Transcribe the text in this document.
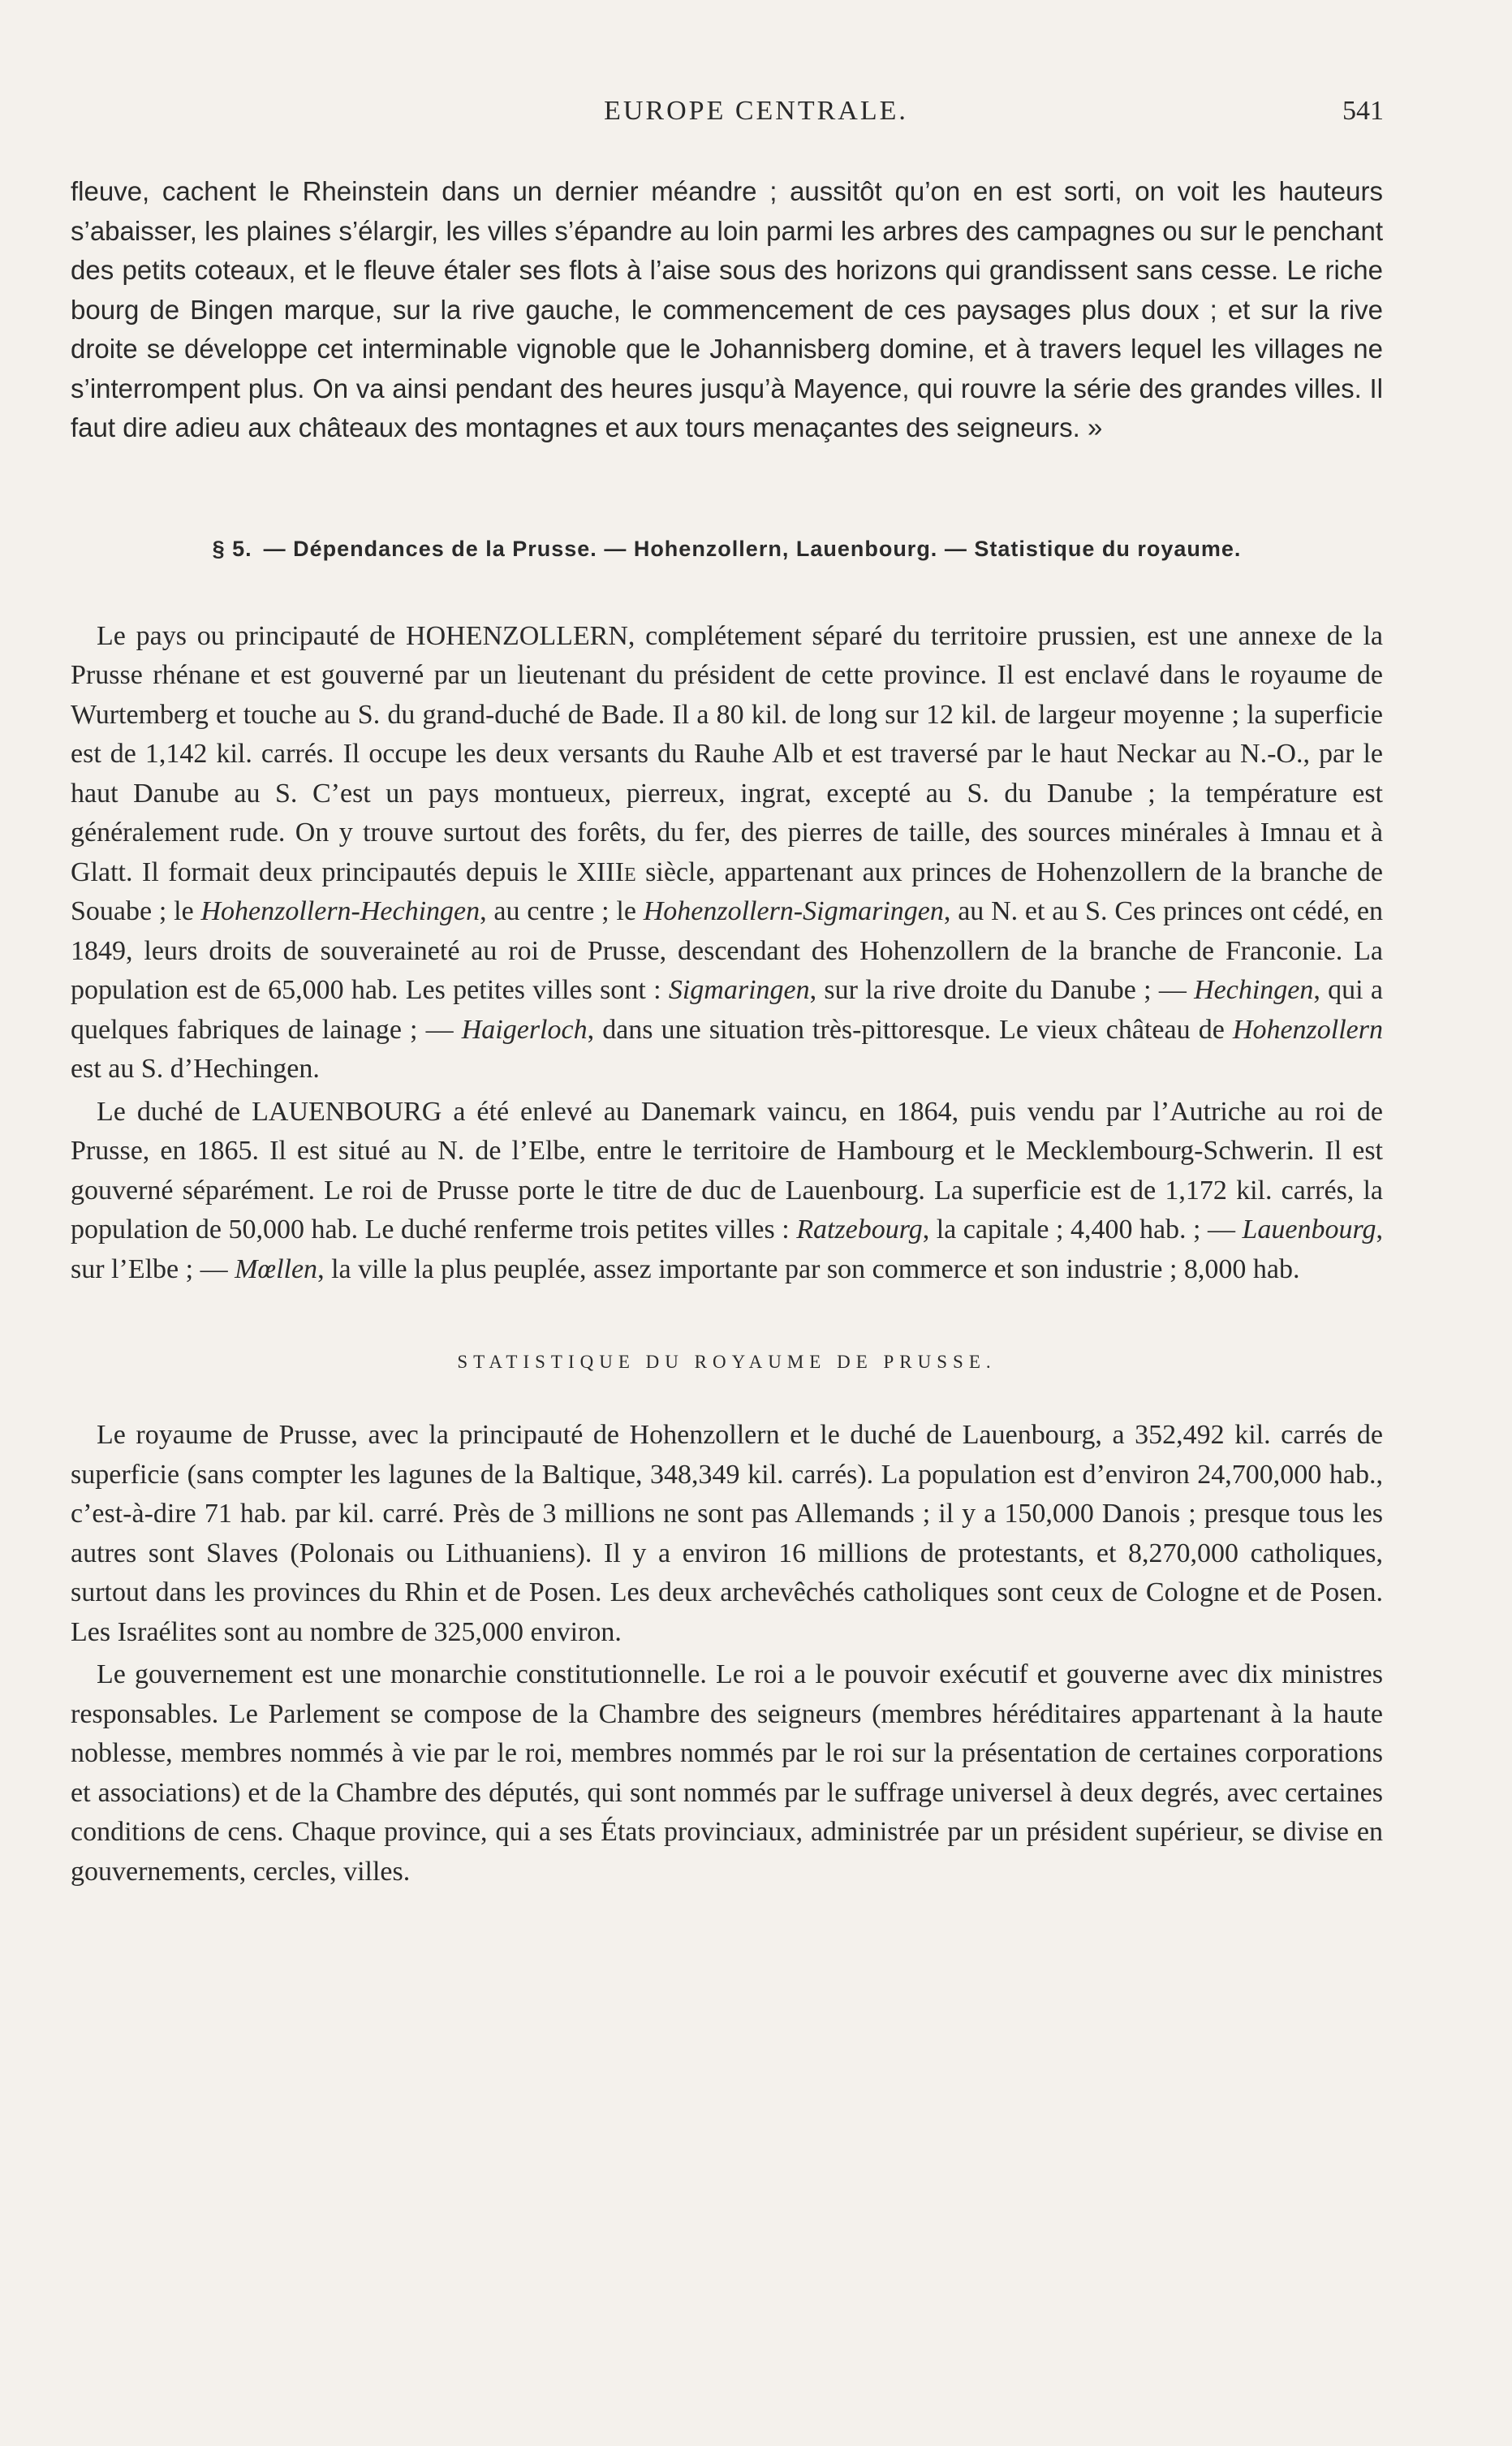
EUROPE CENTRALE.	541

fleuve, cachent le Rheinstein dans un dernier méandre ; aussitôt qu’on en est sorti, on voit les hauteurs s’abaisser, les plaines s’élargir, les villes s’épandre au loin parmi les arbres des campagnes ou sur le penchant des petits coteaux, et le fleuve étaler ses flots à l’aise sous des horizons qui grandissent sans cesse. Le riche bourg de Bingen marque, sur la rive gauche, le commencement de ces paysages plus doux ; et sur la rive droite se développe cet interminable vignoble que le Johannisberg domine, et à travers lequel les villages ne s’interrompent plus. On va ainsi pendant des heures jusqu’à Mayence, qui rouvre la série des grandes villes. Il faut dire adieu aux châteaux des montagnes et aux tours menaçantes des seigneurs. »

§ 5. — Dépendances de la Prusse. — Hohenzollern, Lauenbourg. — Statistique du royaume.

Le pays ou principauté de HOHENZOLLERN, complétement séparé du territoire prussien, est une annexe de la Prusse rhénane et est gouverné par un lieutenant du président de cette province. Il est enclavé dans le royaume de Wurtemberg et touche au S. du grand-duché de Bade. Il a 80 kil. de long sur 12 kil. de largeur moyenne ; la superficie est de 1,142 kil. carrés. Il occupe les deux versants du Rauhe Alb et est traversé par le haut Neckar au N.-O., par le haut Danube au S. C’est un pays montueux, pierreux, ingrat, excepté au S. du Danube ; la température est généralement rude. On y trouve surtout des forêts, du fer, des pierres de taille, des sources minérales à Imnau et à Glatt. Il formait deux principautés depuis le XIIIe siècle, appartenant aux princes de Hohenzollern de la branche de Souabe ; le Hohenzollern-Hechingen, au centre ; le Hohenzollern-Sigmaringen, au N. et au S. Ces princes ont cédé, en 1849, leurs droits de souveraineté au roi de Prusse, descendant des Hohenzollern de la branche de Franconie. La population est de 65,000 hab. Les petites villes sont : Sigmaringen, sur la rive droite du Danube ; — Hechingen, qui a quelques fabriques de lainage ; — Haigerloch, dans une situation très-pittoresque. Le vieux château de Hohenzollern est au S. d’Hechingen.

Le duché de LAUENBOURG a été enlevé au Danemark vaincu, en 1864, puis vendu par l’Autriche au roi de Prusse, en 1865. Il est situé au N. de l’Elbe, entre le territoire de Hambourg et le Mecklembourg-Schwerin. Il est gouverné séparément. Le roi de Prusse porte le titre de duc de Lauenbourg. La superficie est de 1,172 kil. carrés, la population de 50,000 hab. Le duché renferme trois petites villes : Ratzebourg, la capitale ; 4,400 hab. ; — Lauenbourg, sur l’Elbe ; — Mœllen, la ville la plus peuplée, assez importante par son commerce et son industrie ; 8,000 hab.

STATISTIQUE DU ROYAUME DE PRUSSE.

Le royaume de Prusse, avec la principauté de Hohenzollern et le duché de Lauenbourg, a 352,492 kil. carrés de superficie (sans compter les lagunes de la Baltique, 348,349 kil. carrés). La population est d’environ 24,700,000 hab., c’est-à-dire 71 hab. par kil. carré. Près de 3 millions ne sont pas Allemands ; il y a 150,000 Danois ; presque tous les autres sont Slaves (Polonais ou Lithuaniens). Il y a environ 16 millions de protestants, et 8,270,000 catholiques, surtout dans les provinces du Rhin et de Posen. Les deux archevêchés catholiques sont ceux de Cologne et de Posen. Les Israélites sont au nombre de 325,000 environ.

Le gouvernement est une monarchie constitutionnelle. Le roi a le pouvoir exécutif et gouverne avec dix ministres responsables. Le Parlement se compose de la Chambre des seigneurs (membres héréditaires appartenant à la haute noblesse, membres nommés à vie par le roi, membres nommés par le roi sur la présentation de certaines corporations et associations) et de la Chambre des députés, qui sont nommés par le suffrage universel à deux degrés, avec certaines conditions de cens. Chaque province, qui a ses États provinciaux, administrée par un président supérieur, se divise en gouvernements, cercles, villes.
